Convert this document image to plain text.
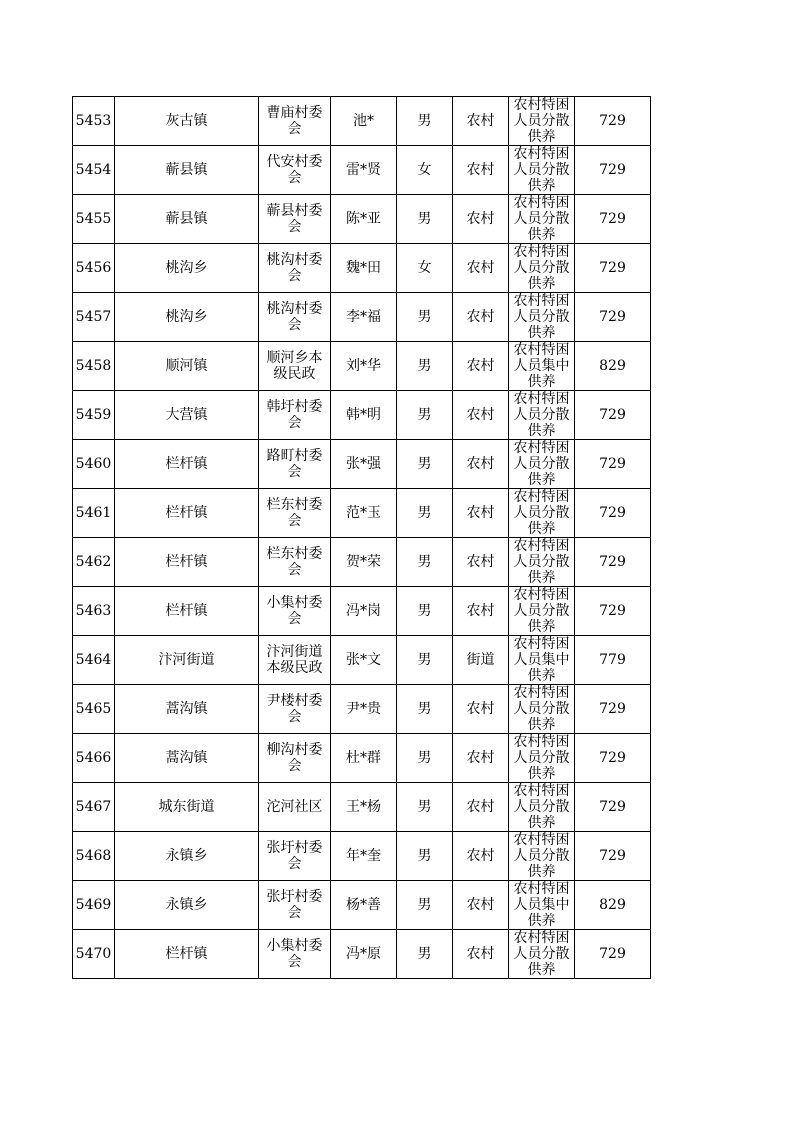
5453	灰古镇	曹庙村委会	池*	男	农村	农村特困人员分散供养	729
5454	蕲县镇	代安村委会	雷*贤	女	农村	农村特困人员分散供养	729
5455	蕲县镇	蕲县村委会	陈*亚	男	农村	农村特困人员分散供养	729
5456	桃沟乡	桃沟村委会	魏*田	女	农村	农村特困人员分散供养	729
5457	桃沟乡	桃沟村委会	李*福	男	农村	农村特困人员分散供养	729
5458	顺河镇	顺河乡本级民政	刘*华	男	农村	农村特困人员集中供养	829
5459	大营镇	韩圩村委会	韩*明	男	农村	农村特困人员分散供养	729
5460	栏杆镇	路町村委会	张*强	男	农村	农村特困人员分散供养	729
5461	栏杆镇	栏东村委会	范*玉	男	农村	农村特困人员分散供养	729
5462	栏杆镇	栏东村委会	贺*荣	男	农村	农村特困人员分散供养	729
5463	栏杆镇	小集村委会	冯*岗	男	农村	农村特困人员分散供养	729
5464	汴河街道	汴河街道本级民政	张*文	男	街道	农村特困人员集中供养	779
5465	蒿沟镇	尹楼村委会	尹*贵	男	农村	农村特困人员分散供养	729
5466	蒿沟镇	柳沟村委会	杜*群	男	农村	农村特困人员分散供养	729
5467	城东街道	沱河社区	王*杨	男	农村	农村特困人员分散供养	729
5468	永镇乡	张圩村委会	年*奎	男	农村	农村特困人员分散供养	729
5469	永镇乡	张圩村委会	杨*善	男	农村	农村特困人员集中供养	829
5470	栏杆镇	小集村委会	冯*原	男	农村	农村特困人员分散供养	729
